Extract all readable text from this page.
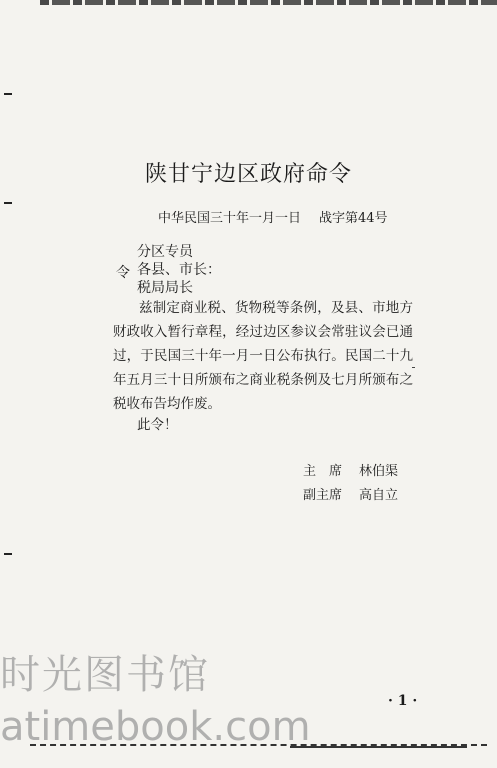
陕甘宁边区政府命令
中华民国三十年一月一日 战字第44号
令
分区专员
各县、市长：
税局局长

兹制定商业税、货物税等条例，及县、市地方财政收入暂行章程，经过边区参议会常驻议会已通过，于民国三十年一月一日公布执行。民国二十九年五月三十日所颁布之商业税条例及七月所颁布之税收布告均作废。

此令！
主　席 林伯渠
副主席 高自立
· 1 ·
时光图书馆
atimebook.com
